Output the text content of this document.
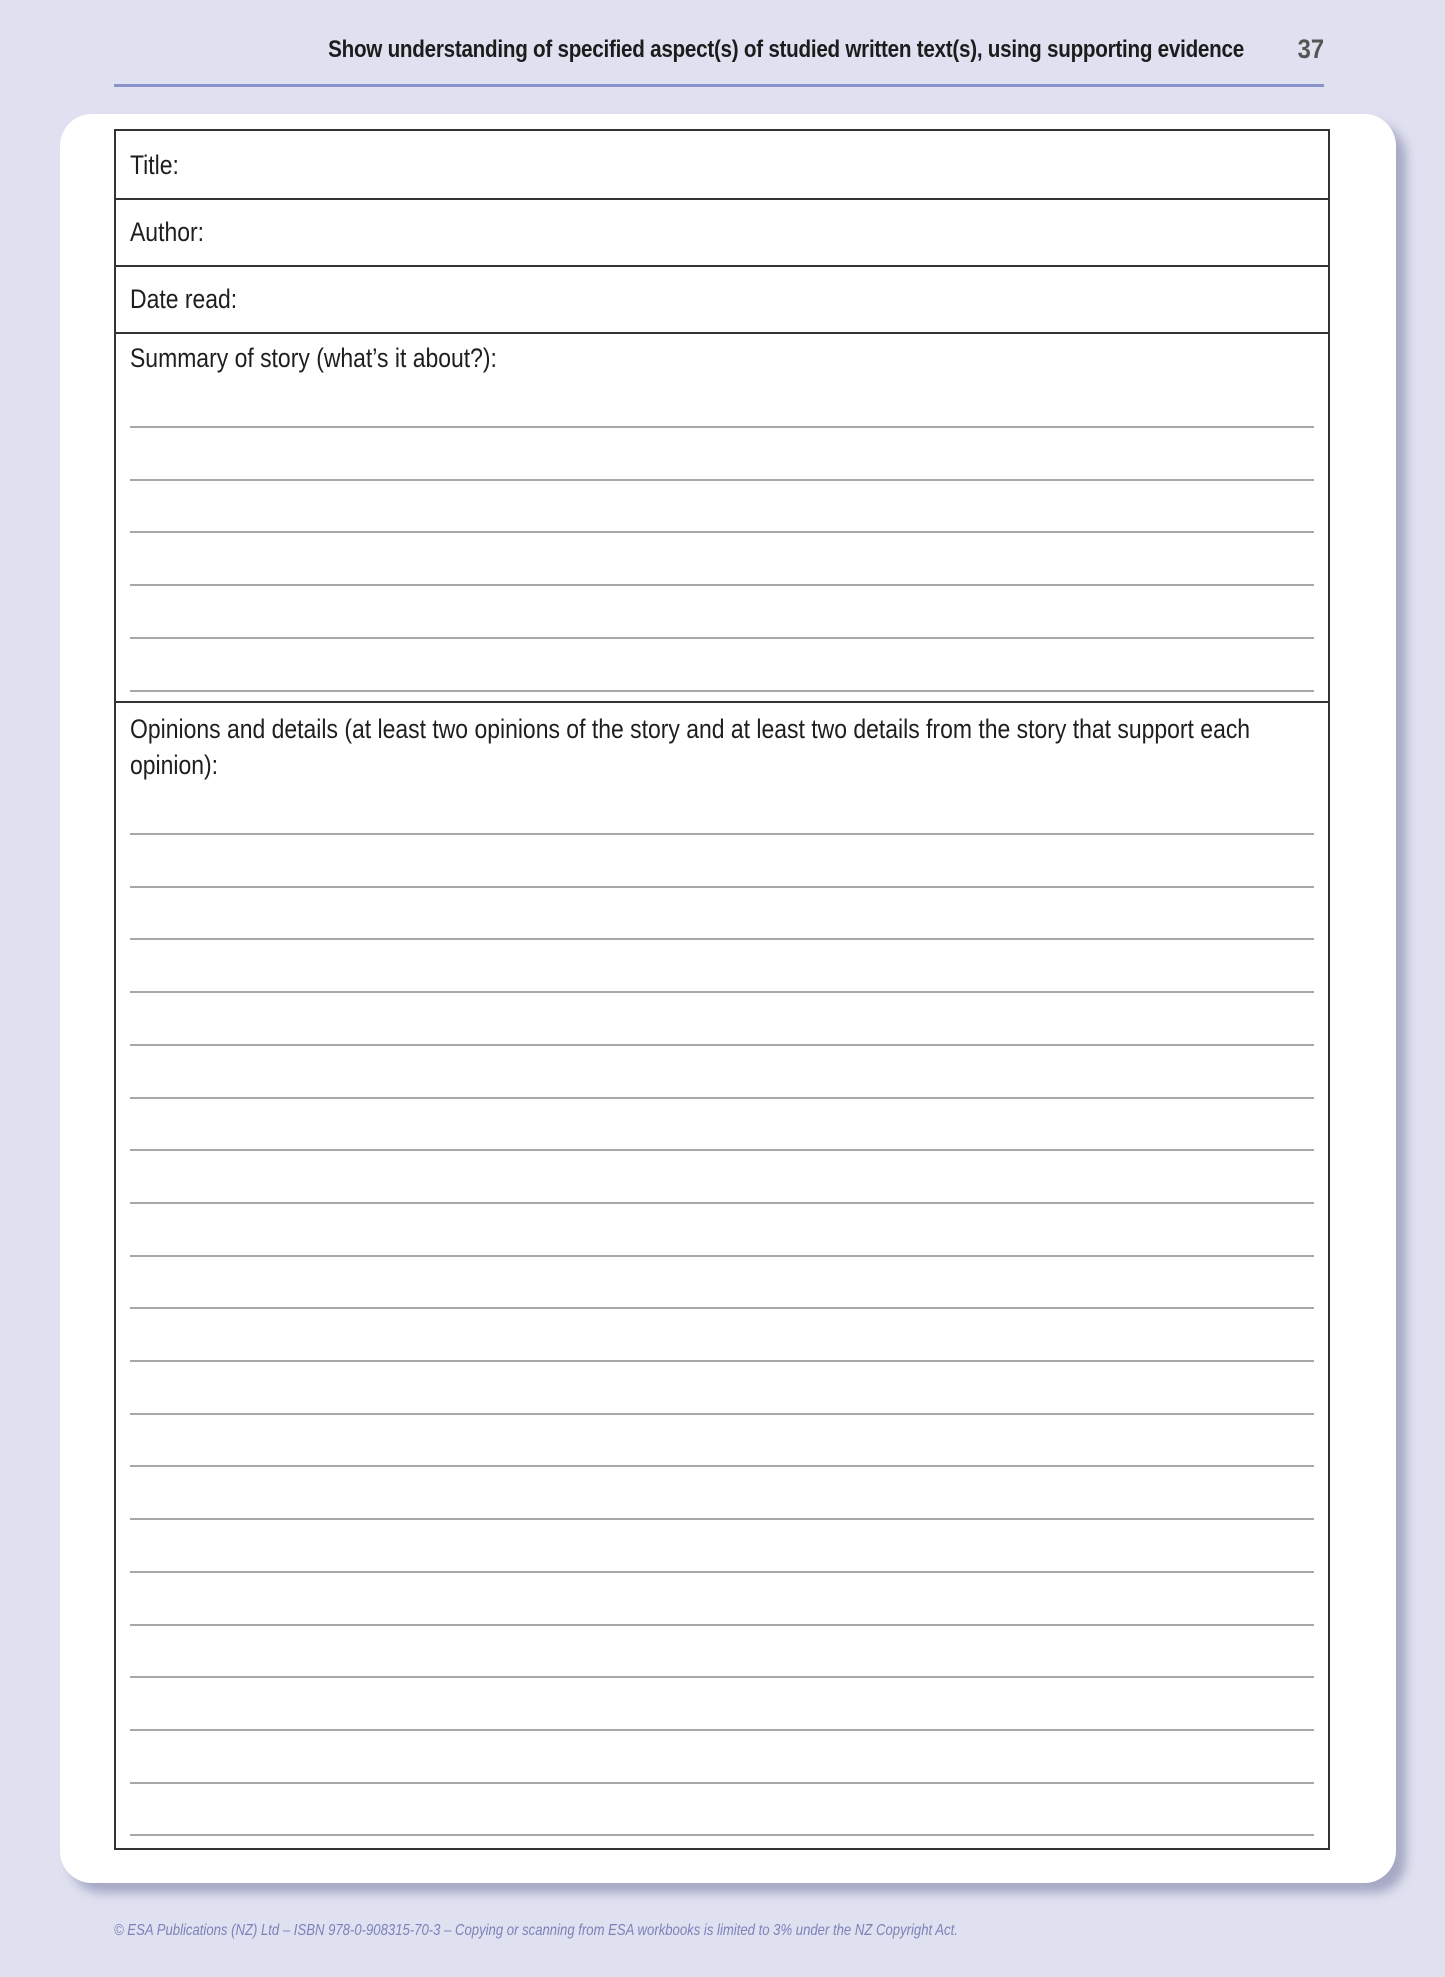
Show understanding of specified aspect(s) of studied written text(s), using supporting evidence 37
Title:
Author:
Date read:
Summary of story (what’s it about?):
Opinions and details (at least two opinions of the story and at least two details from the story that support each opinion):
© ESA Publications (NZ) Ltd – ISBN 978-0-908315-70-3 – Copying or scanning from ESA workbooks is limited to 3% under the NZ Copyright Act.
